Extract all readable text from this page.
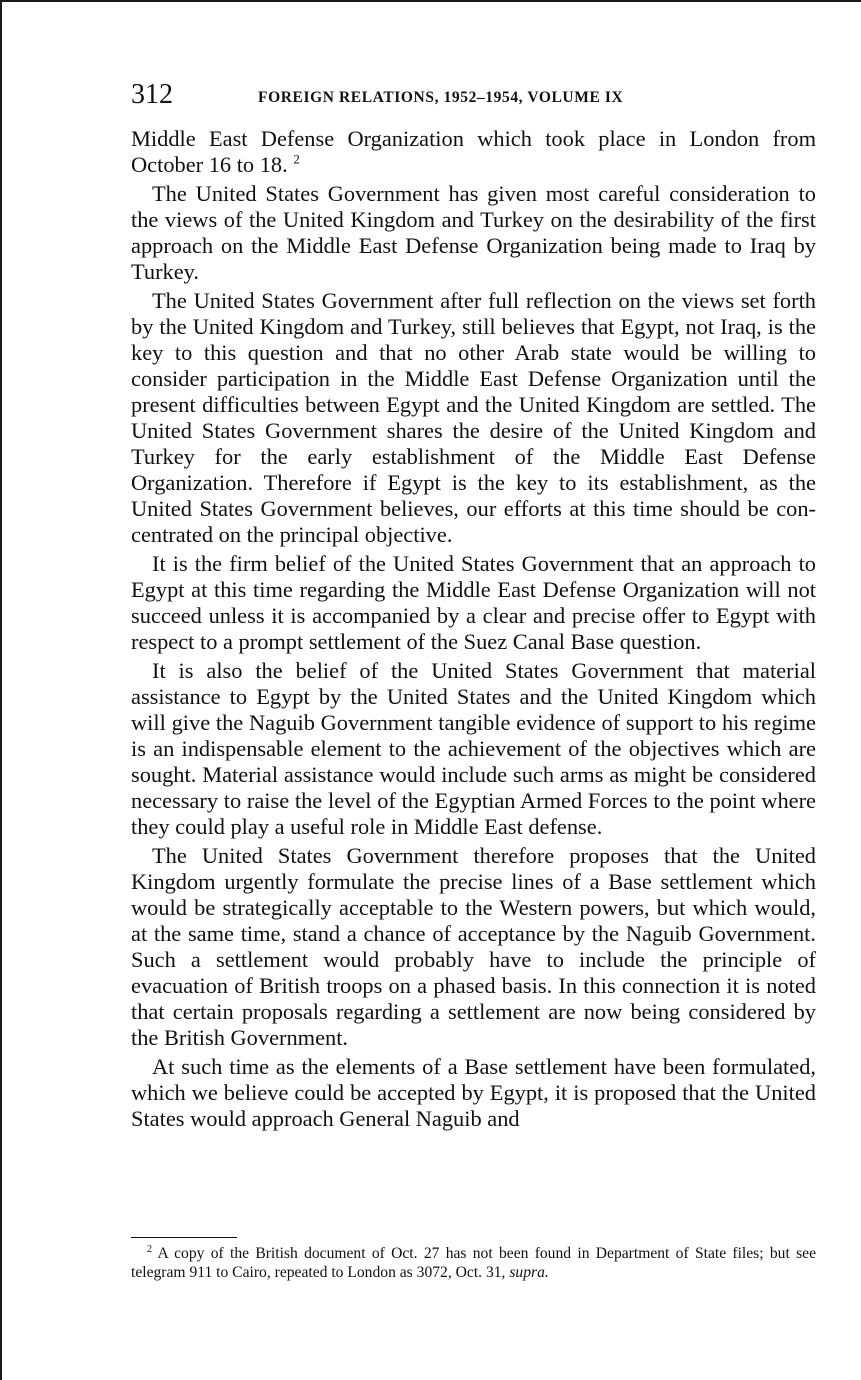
312	FOREIGN RELATIONS, 1952–1954, VOLUME IX

Middle East Defense Organization which took place in London from October 16 to 18. $^2$

The United States Government has given most careful consideration to the views of the United Kingdom and Turkey on the desirability of the first approach on the Middle East Defense Organization being made to Iraq by Turkey.

The United States Government after full reflection on the views set forth by the United Kingdom and Turkey, still believes that Egypt, not Iraq, is the key to this question and that no other Arab state would be willing to consider participation in the Middle East Defense Organization until the present difficulties between Egypt and the United Kingdom are settled. The United States Government shares the desire of the United Kingdom and Turkey for the early establishment of the Middle East Defense Organization. Therefore if Egypt is the key to its establishment, as the United States Government believes, our efforts at this time should be concentrated on the principal objective.

It is the firm belief of the United States Government that an approach to Egypt at this time regarding the Middle East Defense Organization will not succeed unless it is accompanied by a clear and precise offer to Egypt with respect to a prompt settlement of the Suez Canal Base question.

It is also the belief of the United States Government that material assistance to Egypt by the United States and the United Kingdom which will give the Naguib Government tangible evidence of support to his regime is an indispensable element to the achievement of the objectives which are sought. Material assistance would include such arms as might be considered necessary to raise the level of the Egyptian Armed Forces to the point where they could play a useful role in Middle East defense.

The United States Government therefore proposes that the United Kingdom urgently formulate the precise lines of a Base settlement which would be strategically acceptable to the Western powers, but which would, at the same time, stand a chance of acceptance by the Naguib Government. Such a settlement would probably have to include the principle of evacuation of British troops on a phased basis. In this connection it is noted that certain proposals regarding a settlement are now being considered by the British Government.

At such time as the elements of a Base settlement have been formulated, which we believe could be accepted by Egypt, it is proposed that the United States would approach General Naguib and

$^2$ A copy of the British document of Oct. 27 has not been found in Department of State files; but see telegram 911 to Cairo, repeated to London as 3072, Oct. 31, supra.
